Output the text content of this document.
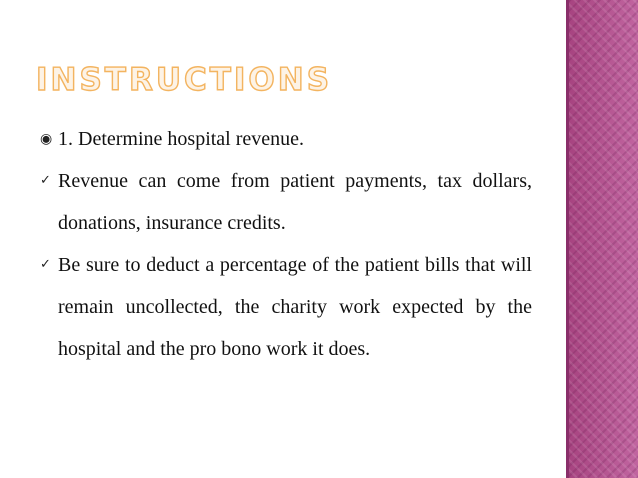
INSTRUCTIONS
◉ 1. Determine hospital revenue.
✓ Revenue can come from patient payments, tax dollars, donations, insurance credits.
✓ Be sure to deduct a percentage of the patient bills that will remain uncollected, the charity work expected by the hospital and the pro bono work it does.
